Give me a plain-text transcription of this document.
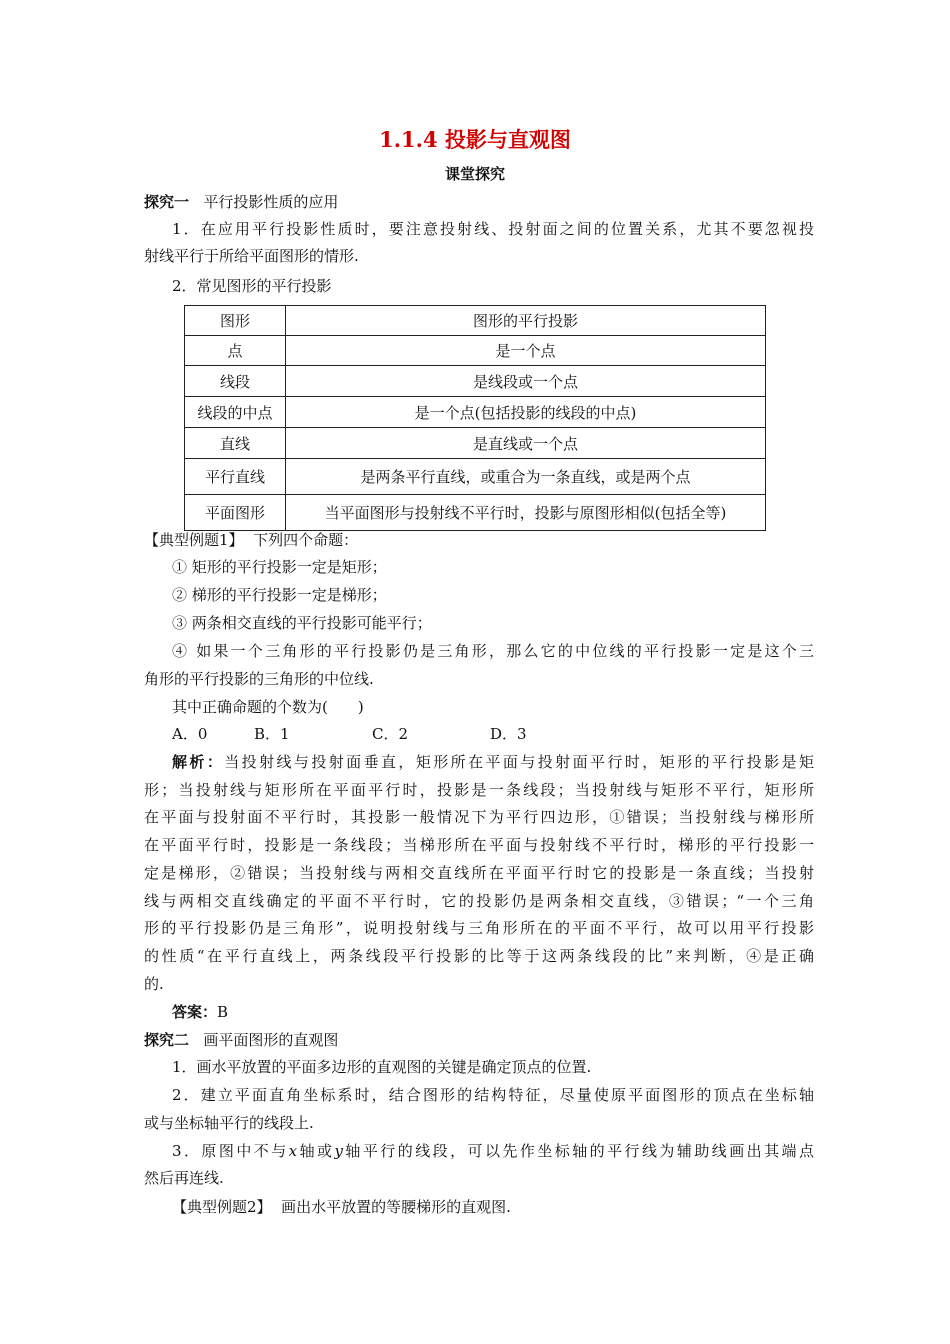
1.1.4 投影与直观图
课堂探究
探究一 平行投影性质的应用
1．在应用平行投影性质时，要注意投射线、投射面之间的位置关系，尤其不要忽视投
射线平行于所给平面图形的情形.
2．常见图形的平行投影
图形	图形的平行投影
点	是一个点
线段	是线段或一个点
线段的中点	是一个点(包括投影的线段的中点)
直线	是直线或一个点
平行直线	是两条平行直线，或重合为一条直线，或是两个点
平面图形	当平面图形与投射线不平行时，投影与原图形相似(包括全等)
【典型例题1】 下列四个命题：
① 矩形的平行投影一定是矩形；
② 梯形的平行投影一定是梯形；
③ 两条相交直线的平行投影可能平行；
④ 如果一个三角形的平行投影仍是三角形，那么它的中位线的平行投影一定是这个三
角形的平行投影的三角形的中位线.
其中正确命题的个数为(　　)
A．0	B．1	C．2	D．3
解析：当投射线与投射面垂直，矩形所在平面与投射面平行时，矩形的平行投影是矩
形；当投射线与矩形所在平面平行时，投影是一条线段；当投射线与矩形不平行，矩形所
在平面与投射面不平行时，其投影一般情况下为平行四边形，①错误；当投射线与梯形所
在平面平行时，投影是一条线段；当梯形所在平面与投射线不平行时，梯形的平行投影一
定是梯形，②错误；当投射线与两相交直线所在平面平行时它的投影是一条直线；当投射
线与两相交直线确定的平面不平行时，它的投影仍是两条相交直线，③错误；“一个三角
形的平行投影仍是三角形”，说明投射线与三角形所在的平面不平行，故可以用平行投影
的性质“在平行直线上，两条线段平行投影的比等于这两条线段的比”来判断，④是正确
的.
答案：B
探究二 画平面图形的直观图
1．画水平放置的平面多边形的直观图的关键是确定顶点的位置.
2．建立平面直角坐标系时，结合图形的结构特征，尽量使原平面图形的顶点在坐标轴
或与坐标轴平行的线段上.
3．原图中不与x轴或y轴平行的线段，可以先作坐标轴的平行线为辅助线画出其端点
然后再连线.
【典型例题2】 画出水平放置的等腰梯形的直观图.
